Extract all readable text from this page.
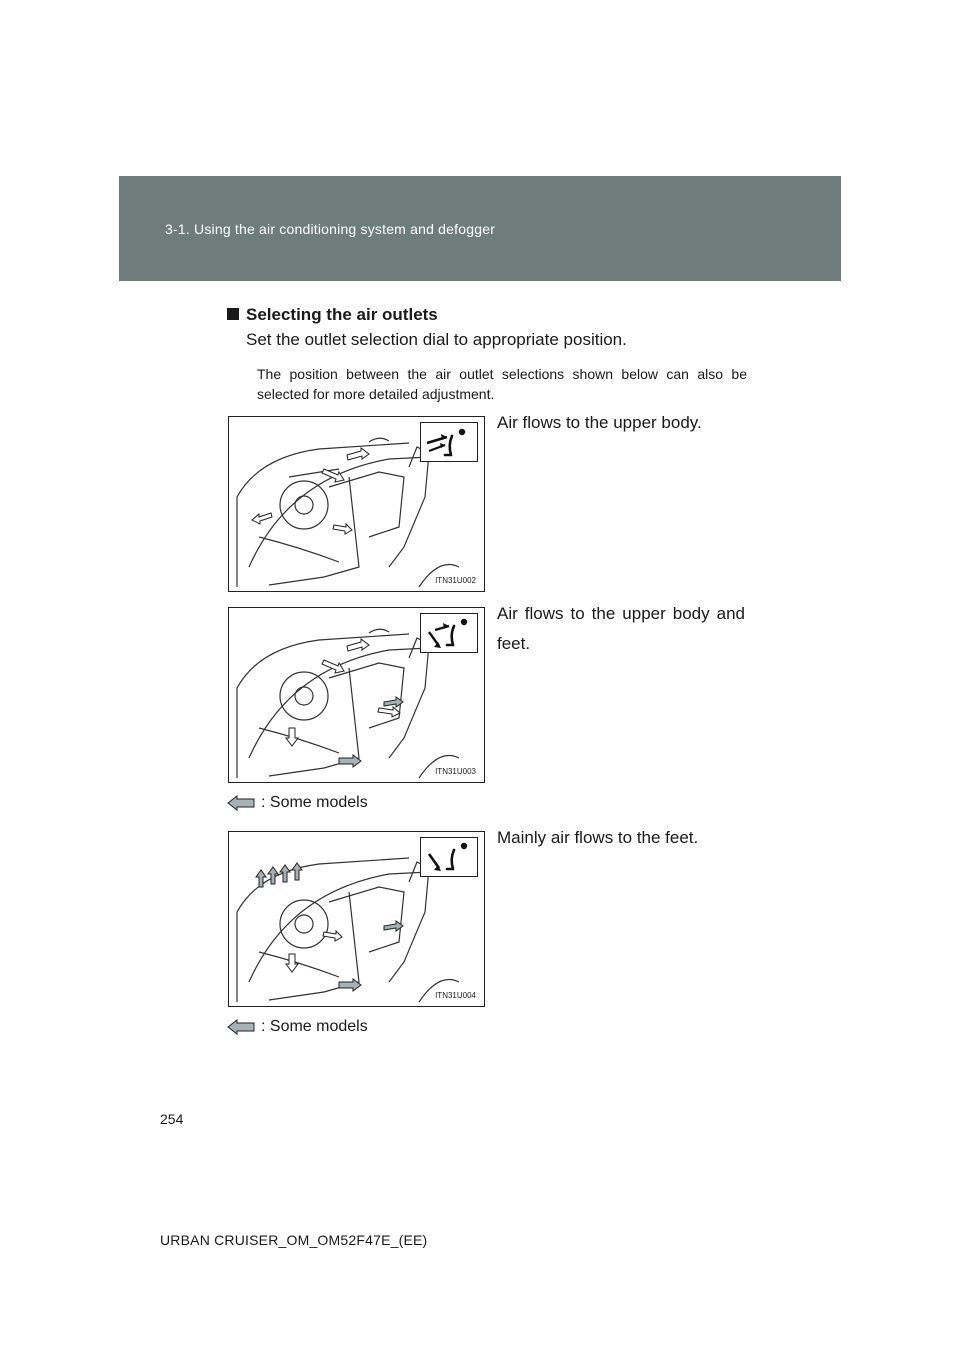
3-1. Using the air conditioning system and defogger
Selecting the air outlets
Set the outlet selection dial to appropriate position.
The position between the air outlet selections shown below can also be selected for more detailed adjustment.
ITN31U002
Air flows to the upper body.
ITN31U003
Air flows to the upper body and feet.
: Some models
ITN31U004
Mainly air flows to the feet.
: Some models
254
URBAN CRUISER_OM_OM52F47E_(EE)
